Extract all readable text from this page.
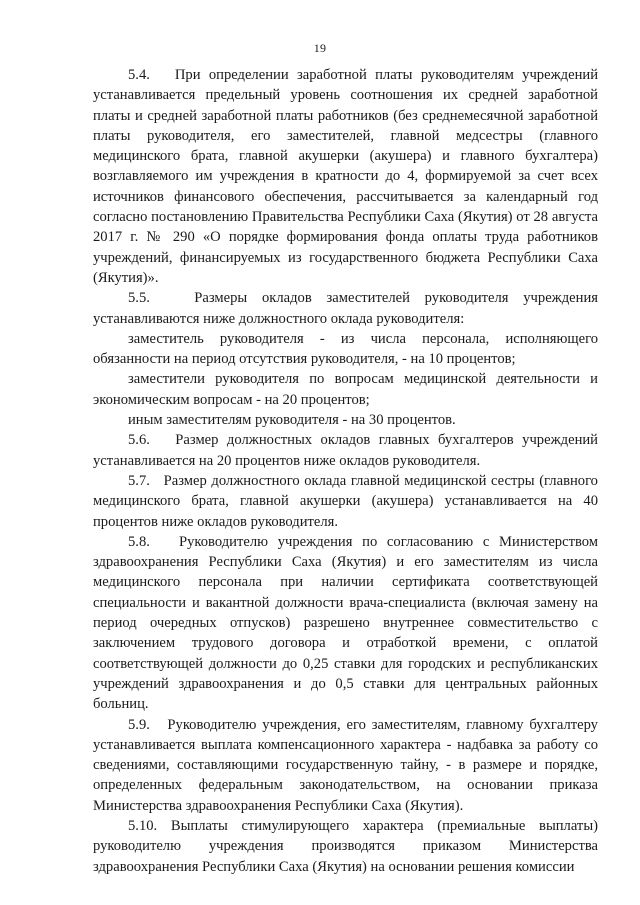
19

5.4. При определении заработной платы руководителям учреждений устанавливается предельный уровень соотношения их средней заработной платы и средней заработной платы работников (без среднемесячной заработной платы руководителя, его заместителей, главной медсестры (главного медицинского брата, главной акушерки (акушера) и главного бухгалтера) возглавляемого им учреждения в кратности до 4, формируемой за счет всех источников финансового обеспечения, рассчитывается за календарный год согласно постановлению Правительства Республики Саха (Якутия) от 28 августа 2017 г. № 290 «О порядке формирования фонда оплаты труда работников учреждений, финансируемых из государственного бюджета Республики Саха (Якутия)».

5.5.	Размеры окладов заместителей руководителя учреждения устанавливаются ниже должностного оклада руководителя:

заместитель руководителя - из числа персонала, исполняющего обязанности на период отсутствия руководителя, - на 10 процентов;

заместители руководителя по вопросам медицинской деятельности и экономическим вопросам - на 20 процентов;

иным заместителям руководителя - на 30 процентов.

5.6. Размер должностных окладов главных бухгалтеров учреждений устанавливается на 20 процентов ниже окладов руководителя.

5.7. Размер должностного оклада главной медицинской сестры (главного медицинского брата, главной акушерки (акушера) устанавливается на 40 процентов ниже окладов руководителя.

5.8. Руководителю учреждения по согласованию с Министерством здравоохранения Республики Саха (Якутия) и его заместителям из числа медицинского персонала при наличии сертификата соответствующей специальности и вакантной должности врача-специалиста (включая замену на период очередных отпусков) разрешено внутреннее совместительство с заключением трудового договора и отработкой времени, с оплатой соответствующей должности до 0,25 ставки для городских и республиканских учреждений здравоохранения и до 0,5 ставки для центральных районных больниц.

5.9. Руководителю учреждения, его заместителям, главному бухгалтеру устанавливается выплата компенсационного характера - надбавка за работу со сведениями, составляющими государственную тайну, - в размере и порядке, определенных федеральным законодательством, на основании приказа Министерства здравоохранения Республики Саха (Якутия).

5.10. Выплаты стимулирующего характера (премиальные выплаты) руководителю учреждения производятся приказом Министерства здравоохранения Республики Саха (Якутия) на основании решения комиссии
